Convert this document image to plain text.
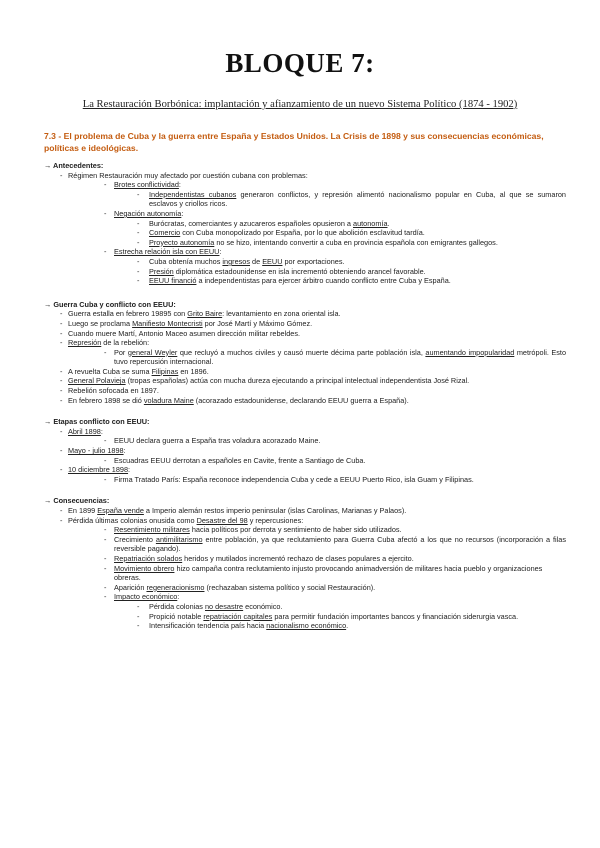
BLOQUE 7:
La Restauración Borbónica: implantación y afianzamiento de un nuevo Sistema Político (1874 - 1902)
7.3 - El problema de Cuba y la guerra entre España y Estados Unidos. La Crisis de 1898 y sus consecuencias económicas, políticas e ideológicas.

→ Antecedentes:

- Régimen Restauración muy afectado por cuestión cubana con problemas:

- Brotes conflictividad:

- Independentistas cubanos generaron conflictos, y represión alimentó nacionalismo popular en Cuba, al que se sumaron esclavos y criollos ricos.

- Negación autonomía:

- Burócratas, comerciantes y azucareros españoles opusieron a autonomía.

- Comercio con Cuba monopolizado por España, por lo que abolición esclavitud tardía.

- Proyecto autonomía no se hizo, intentando convertir a cuba en provincia española con emigrantes gallegos.

- Estrecha relación isla con EEUU:

- Cuba obtenía muchos ingresos de EEUU por exportaciones.

- Presión diplomática estadounidense en isla incrementó obteniendo arancel favorable.

- EEUU financió a independentistas para ejercer árbitro cuando conflicto entre Cuba y España.

→ Guerra Cuba y conflicto con EEUU:

- Guerra estalla en febrero 19895 con Grito Baire: levantamiento en zona oriental isla.

- Luego se proclama Manifiesto Montecristi por José Martí y Máximo Gómez.

- Cuando muere Martí, Antonio Maceo asumen dirección militar rebeldes.

- Represión de la rebelión:

- Por general Weyler que recluyó a muchos civiles y causó muerte décima parte población isla, aumentando impopularidad metrópoli. Esto tuvo repercusión internacional.

- A revuelta Cuba se suma Filipinas en 1896.

- General Polavieja (tropas españolas) actúa con mucha dureza ejecutando a principal intelectual independentista José Rizal.

- Rebelión sofocada en 1897.

- En febrero 1898 se dió voladura Maine (acorazado estadounidense, declarando EEUU guerra a España).

→ Etapas conflicto con EEUU:

- Abril 1898:

- EEUU declara guerra a España tras voladura acorazado Maine.

- Mayo - julio 1898:

- Escuadras EEUU derrotan a españoles en Cavite, frente a Santiago de Cuba.

- 10 diciembre 1898:

- Firma Tratado París: España reconoce independencia Cuba y cede a EEUU Puerto Rico, isla Guam y Filipinas.

→ Consecuencias:

- En 1899 España vende a Imperio alemán restos imperio peninsular (islas Carolinas, Marianas y Palaos).

- Pérdida últimas colonias onusida como Desastre del 98 y repercusiones:

- Resentimiento militares hacia políticos por derrota y sentimiento de haber sido utilizados.

- Crecimiento antimilitarismo entre población, ya que reclutamiento para Guerra Cuba afectó a los que no recursos (incorporación a filas reversible pagando).

- Repatriación solados heridos y mutilados incrementó rechazo de clases populares a ejercito.

- Movimiento obrero hizo campaña contra reclutamiento injusto provocando animadversión de militares hacia pueblo y organizaciones obreras.

- Aparición regeneracionismo (rechazaban sistema político y social Restauración).

- Impacto económico:

- Pérdida colonias no desastre económico.

- Propició notable repatriación capitales para permitir fundación importantes bancos y financiación siderurgia vasca.

- Intensificación tendencia país hacia nacionalismo económico.
